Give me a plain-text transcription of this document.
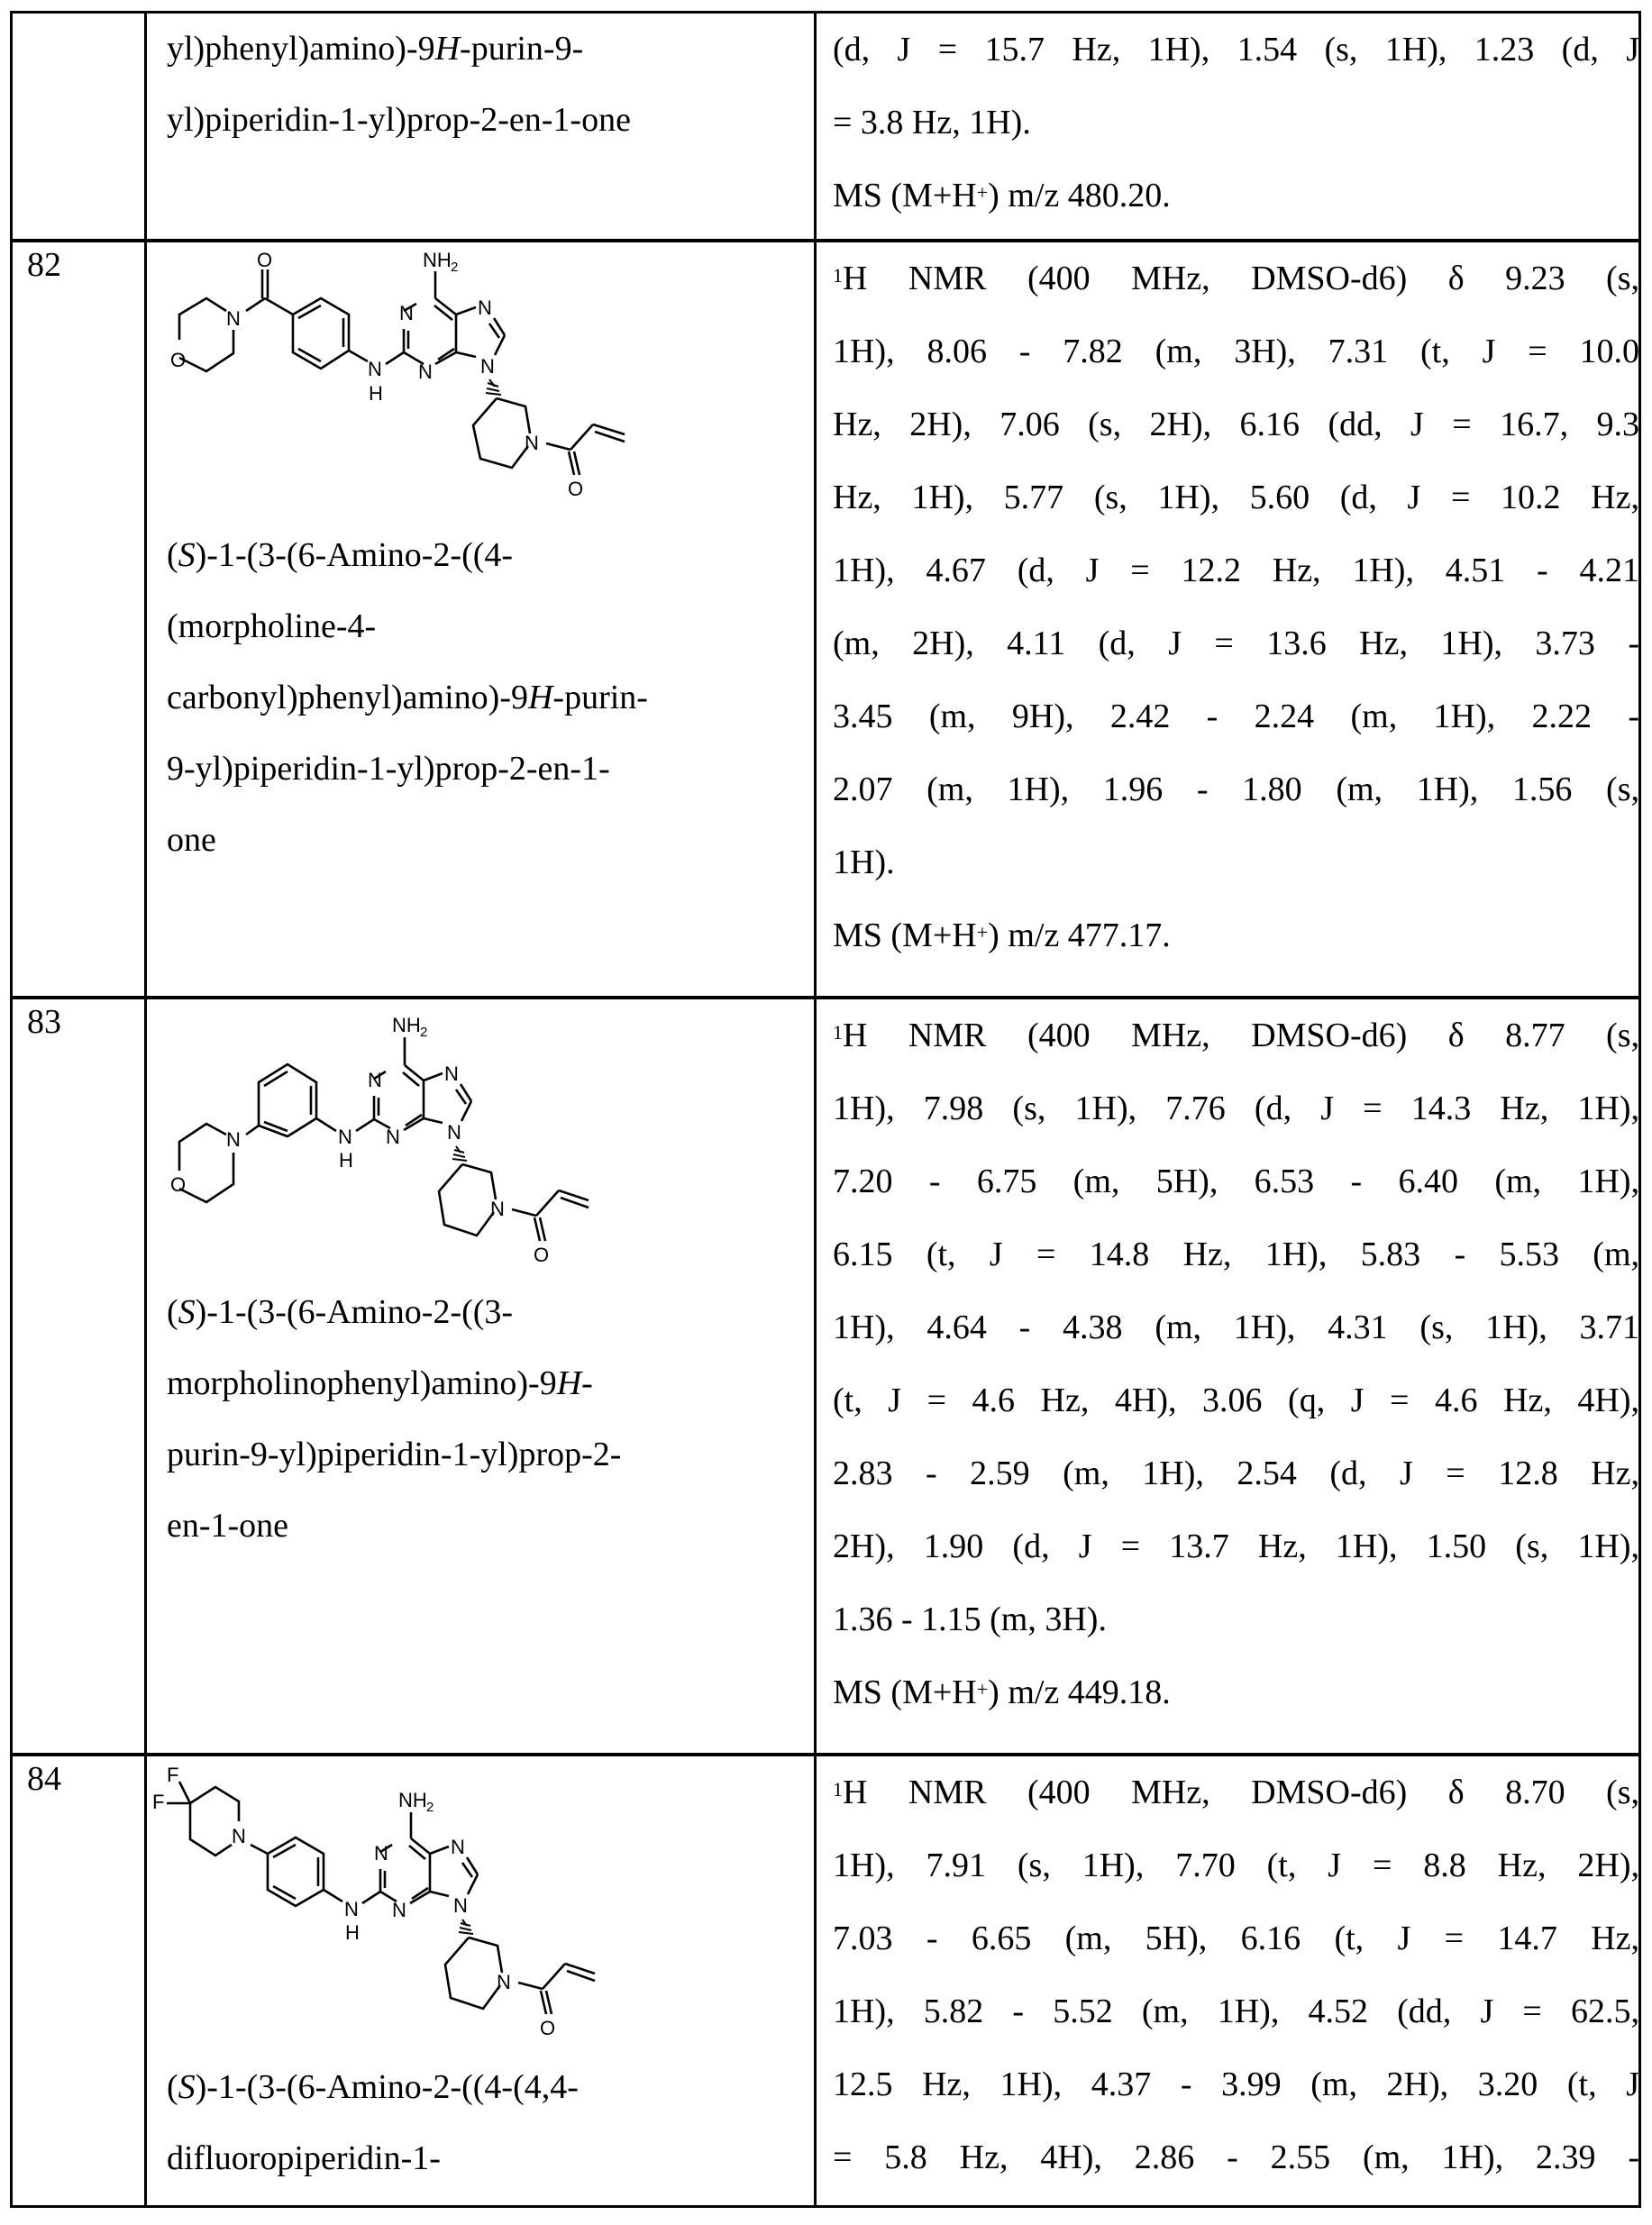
yl)phenyl)amino)-9H-purin-9-
yl)piperidin-1-yl)prop-2-en-1-one
(d, J = 15.7 Hz, 1H), 1.54 (s, 1H), 1.23 (d, J
= 3.8 Hz, 1H).
MS (M+H+) m/z 480.20.
82
O
N
O
N
H
N
N
NH 2
N
N
N
O
(S)-1-(3-(6-Amino-2-((4-
(morpholine-4-
carbonyl)phenyl)amino)-9H-purin-
9-yl)piperidin-1-yl)prop-2-en-1-
one
$^1$H NMR (400 MHz, DMSO-d6) δ 9.23 (s,
1H), 8.06 - 7.82 (m, 3H), 7.31 (t, J = 10.0
Hz, 2H), 7.06 (s, 2H), 6.16 (dd, J = 16.7, 9.3
Hz, 1H), 5.77 (s, 1H), 5.60 (d, J = 10.2 Hz,
1H), 4.67 (d, J = 12.2 Hz, 1H), 4.51 - 4.21
(m, 2H), 4.11 (d, J = 13.6 Hz, 1H), 3.73 -
3.45 (m, 9H), 2.42 - 2.24 (m, 1H), 2.22 -
2.07 (m, 1H), 1.96 - 1.80 (m, 1H), 1.56 (s,
1H).
MS (M+H+) m/z 477.17.
83
O
N	N
H
N
N
NH 2
N
N
N
O
(S)-1-(3-(6-Amino-2-((3-
morpholinophenyl)amino)-9H-
purin-9-yl)piperidin-1-yl)prop-2-
en-1-one
$^1$H NMR (400 MHz, DMSO-d6) δ 8.77 (s,
1H), 7.98 (s, 1H), 7.76 (d, J = 14.3 Hz, 1H),
7.20 - 6.75 (m, 5H), 6.53 - 6.40 (m, 1H),
6.15 (t, J = 14.8 Hz, 1H), 5.83 - 5.53 (m,
1H), 4.64 - 4.38 (m, 1H), 4.31 (s, 1H), 3.71
(t, J = 4.6 Hz, 4H), 3.06 (q, J = 4.6 Hz, 4H),
2.83 - 2.59 (m, 1H), 2.54 (d, J = 12.8 Hz,
2H), 1.90 (d, J = 13.7 Hz, 1H), 1.50 (s, 1H),
1.36 - 1.15 (m, 3H).
MS (M+H+) m/z 449.18.
84	F
F
N
N
H
N
N
NH 2
N
N
N
O
(S)-1-(3-(6-Amino-2-((4-(4,4-
difluoropiperidin-1-
$^1$H NMR (400 MHz, DMSO-d6) δ 8.70 (s,
1H), 7.91 (s, 1H), 7.70 (t, J = 8.8 Hz, 2H),
7.03 - 6.65 (m, 5H), 6.16 (t, J = 14.7 Hz,
1H), 5.82 - 5.52 (m, 1H), 4.52 (dd, J = 62.5,
12.5 Hz, 1H), 4.37 - 3.99 (m, 2H), 3.20 (t, J
= 5.8 Hz, 4H), 2.86 - 2.55 (m, 1H), 2.39 -
